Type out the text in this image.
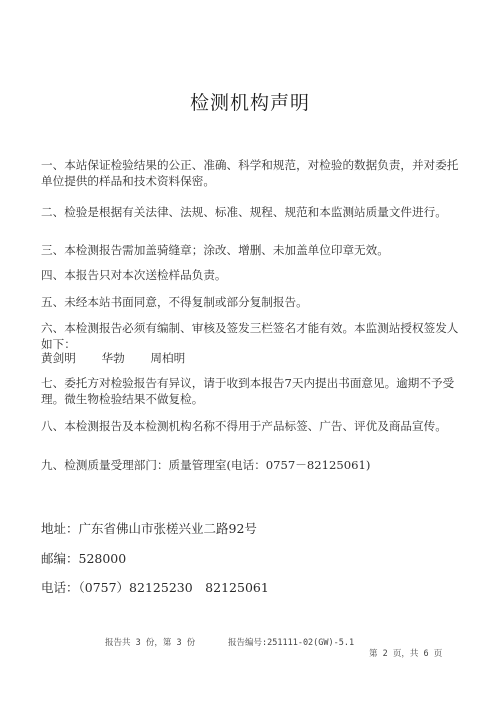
检测机构声明
一、本站保证检验结果的公正、准确、科学和规范，对检验的数据负责，并对委托单位提供的样品和技术资料保密。
二、检验是根据有关法律、法规、标准、规程、规范和本监测站质量文件进行。
三、本检测报告需加盖骑缝章；涂改、增删、未加盖单位印章无效。
四、本报告只对本次送检样品负责。
五、未经本站书面同意，不得复制或部分复制报告。
六、本检测报告必须有编制、审核及签发三栏签名才能有效。本监测站授权签发人如下：
黄剑明 华勃 周柏明
七、委托方对检验报告有异议，请于收到本报告7天内提出书面意见。逾期不予受理。微生物检验结果不做复检。
八、本检测报告及本检测机构名称不得用于产品标签、广告、评优及商品宣传。
九、检测质量受理部门：质量管理室(电话：0757－82125061)
地址：广东省佛山市张槎兴业二路92号
邮编：528000
电话：（0757）82125230　82125061
报告共 3 份，第 3 份	报告编号:251111-02(GW)-5.1
第 2 页，共 6 页
